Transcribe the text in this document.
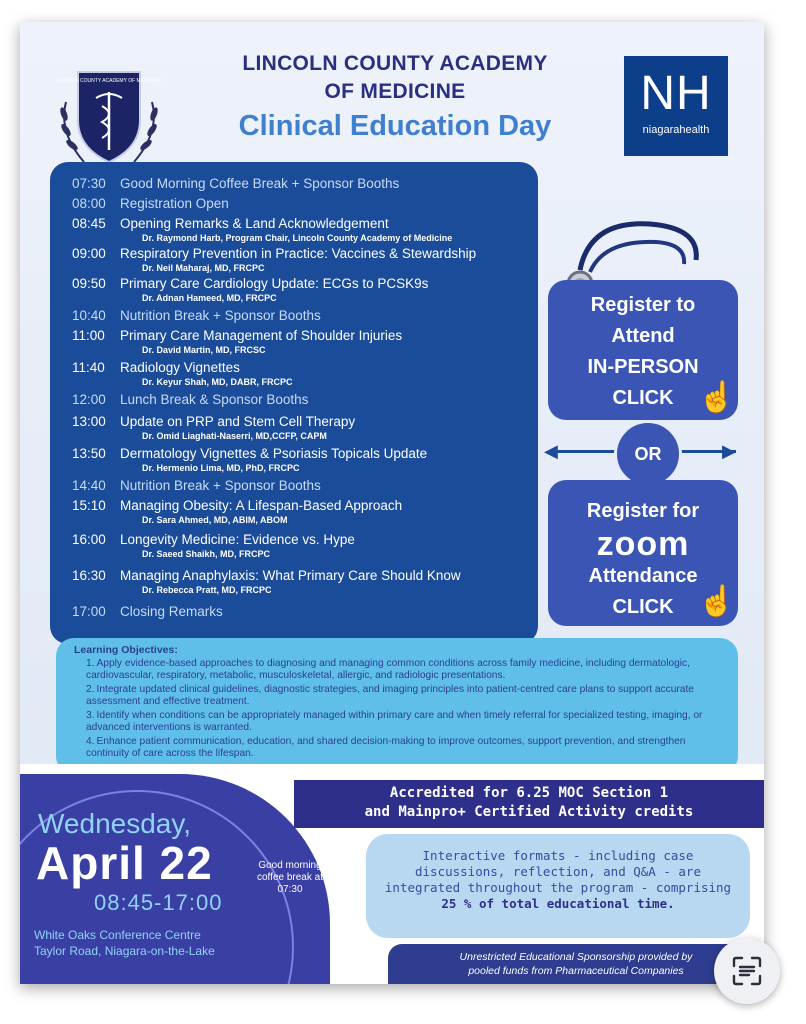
LINCOLN COUNTY ACADEMY OF MEDICINE
LINCOLN COUNTY ACADEMY
OF MEDICINE
Clinical Education Day
NH
niagarahealth
07:30 Good Morning Coffee Break + Sponsor Booths
08:00 Registration Open
08:45 Opening Remarks & Land Acknowledgement
Dr. Raymond Harb, Program Chair, Lincoln County Academy of Medicine
09:00 Respiratory Prevention in Practice: Vaccines & Stewardship
Dr. Neil Maharaj, MD, FRCPC
09:50 Primary Care Cardiology Update: ECGs to PCSK9s
Dr. Adnan Hameed, MD, FRCPC
10:40 Nutrition Break + Sponsor Booths
11:00 Primary Care Management of Shoulder Injuries
Dr. David Martin, MD, FRCSC
11:40 Radiology Vignettes
Dr. Keyur Shah, MD, DABR, FRCPC
12:00 Lunch Break & Sponsor Booths
13:00 Update on PRP and Stem Cell Therapy
Dr. Omid Liaghati-Naserri, MD,CCFP, CAPM
13:50 Dermatology Vignettes & Psoriasis Topicals Update
Dr. Hermenio Lima, MD, PhD, FRCPC
14:40 Nutrition Break + Sponsor Booths
15:10 Managing Obesity: A Lifespan-Based Approach
Dr. Sara Ahmed, MD, ABIM, ABOM
16:00 Longevity Medicine: Evidence vs. Hype
Dr. Saeed Shaikh, MD, FRCPC
16:30 Managing Anaphylaxis: What Primary Care Should Know
Dr. Rebecca Pratt, MD, FRCPC
17:00 Closing Remarks
Register to
Attend
IN-PERSON
CLICK ☝
◀	▶
OR
Register for
zoom
Attendance
CLICK ☝
Learning Objectives:
1. Apply evidence-based approaches to diagnosing and managing common conditions across family medicine, including dermatologic, cardiovascular, respiratory, metabolic, musculoskeletal, allergic, and radiologic presentations.
2. Integrate updated clinical guidelines, diagnostic strategies, and imaging principles into patient-centred care plans to support accurate assessment and effective treatment.
3. Identify when conditions can be appropriately managed within primary care and when timely referral for specialized testing, imaging, or advanced interventions is warranted.
4. Enhance patient communication, education, and shared decision-making to improve outcomes, support prevention, and strengthen continuity of care across the lifespan.
Wednesday,
April 22
08:45-17:00
Good morning coffee break at 07:30
White Oaks Conference Centre
Taylor Road, Niagara-on-the-Lake
Accredited for 6.25 MOC Section 1
and Mainpro+ Certified Activity credits
Interactive formats - including case discussions, reflection, and Q&A - are integrated throughout the program - comprising 25 % of total educational time.
Unrestricted Educational Sponsorship provided by
pooled funds from Pharmaceutical Companies
